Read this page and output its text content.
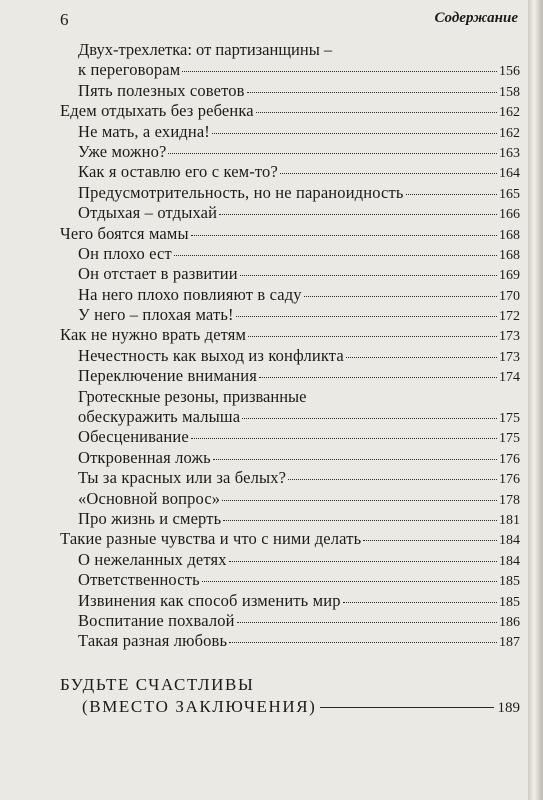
6	Содержание
Двух-трехлетка: от партизанщины –
к переговорам	156
Пять полезных советов	158
Едем отдыхать без ребенка	162
Не мать, а ехидна!	162
Уже можно?	163
Как я оставлю его с кем-то?	164
Предусмотрительность, но не параноидность	165
Отдыхая – отдыхай	166
Чего боятся мамы	168
Он плохо ест	168
Он отстает в развитии	169
На него плохо повлияют в саду	170
У него – плохая мать!	172
Как не нужно врать детям	173
Нечестность как выход из конфликта	173
Переключение внимания	174
Гротескные резоны, призванные
обескуражить малыша	175
Обесценивание	175
Откровенная ложь	176
Ты за красных или за белых?	176
«Основной вопрос»	178
Про жизнь и смерть	181
Такие разные чувства и что с ними делать	184
О нежеланных детях	184
Ответственность	185
Извинения как способ изменить мир	185
Воспитание похвалой	186
Такая разная любовь	187
БУДЬТЕ СЧАСТЛИВЫ
(ВМЕСТО ЗАКЛЮЧЕНИЯ)	189
